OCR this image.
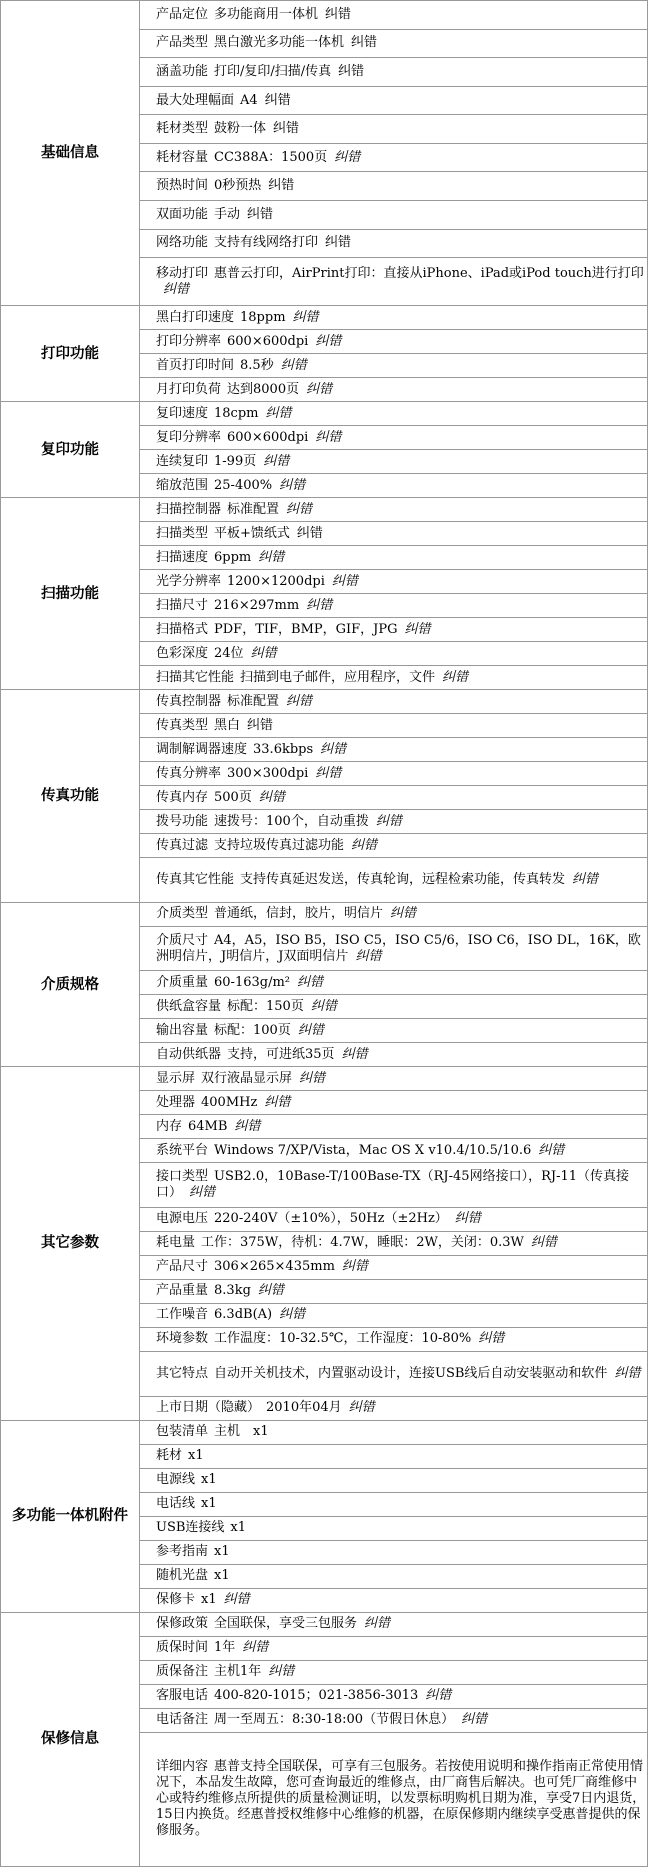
基础信息	产品定位 多功能商用一体机 纠错
	产品类型 黑白激光多功能一体机 纠错
	涵盖功能 打印/复印/扫描/传真 纠错
	最大处理幅面 A4 纠错
	耗材类型 鼓粉一体 纠错
	耗材容量 CC388A：1500页 纠错
	预热时间 0秒预热 纠错
	双面功能 手动 纠错
	网络功能 支持有线网络打印 纠错
	移动打印 惠普云打印，AirPrint打印：直接从iPhone、iPad或iPod touch进行打印纠错
打印功能	黑白打印速度 18ppm 纠错
	打印分辨率 600×600dpi 纠错
	首页打印时间 8.5秒 纠错
	月打印负荷 达到8000页 纠错
复印功能	复印速度 18cpm 纠错
	复印分辨率 600×600dpi 纠错
	连续复印 1-99页 纠错
	缩放范围 25-400% 纠错
扫描功能	扫描控制器 标准配置 纠错
	扫描类型 平板+馈纸式 纠错
	扫描速度 6ppm 纠错
	光学分辨率 1200×1200dpi 纠错
	扫描尺寸 216×297mm 纠错
	扫描格式 PDF，TIF，BMP，GIF，JPG 纠错
	色彩深度 24位 纠错
	扫描其它性能 扫描到电子邮件，应用程序，文件 纠错
传真功能	传真控制器 标准配置 纠错
	传真类型 黑白 纠错
	调制解调器速度 33.6kbps 纠错
	传真分辨率 300×300dpi 纠错
	传真内存 500页 纠错
	拨号功能 速拨号：100个，自动重拨 纠错
	传真过滤 支持垃圾传真过滤功能 纠错
	传真其它性能 支持传真延迟发送，传真轮询，远程检索功能，传真转发 纠错
介质规格	介质类型 普通纸，信封，胶片，明信片 纠错
	介质尺寸 A4，A5，ISO B5，ISO C5，ISO C5/6，ISO C6，ISO DL，16K，欧洲明信片，J明信片，J双面明信片 纠错
	介质重量 60-163g/m² 纠错
	供纸盒容量 标配：150页 纠错
	输出容量 标配：100页 纠错
	自动供纸器 支持，可进纸35页 纠错
其它参数	显示屏 双行液晶显示屏 纠错
	处理器 400MHz 纠错
	内存 64MB 纠错
	系统平台 Windows 7/XP/Vista，Mac OS X v10.4/10.5/10.6 纠错
	接口类型 USB2.0，10Base-T/100Base-TX（RJ-45网络接口），RJ-11（传真接口） 纠错
	电源电压 220-240V（±10%），50Hz（±2Hz） 纠错
	耗电量 工作：375W，待机：4.7W，睡眠：2W，关闭：0.3W 纠错
	产品尺寸 306×265×435mm 纠错
	产品重量 8.3kg 纠错
	工作噪音 6.3dB(A) 纠错
	环境参数 工作温度：10-32.5℃，工作湿度：10-80% 纠错
	其它特点 自动开关机技术，内置驱动设计，连接USB线后自动安装驱动和软件 纠错
	上市日期（隐藏） 2010年04月 纠错
多功能一体机附件	包装清单 主机　x1
	耗材 x1
	电源线 x1
	电话线 x1
	USB连接线 x1
	参考指南 x1
	随机光盘 x1
	保修卡 x1 纠错
保修信息	保修政策 全国联保，享受三包服务 纠错
	质保时间 1年 纠错
	质保备注 主机1年 纠错
	客服电话 400-820-1015；021-3856-3013 纠错
	电话备注 周一至周五：8:30-18:00（节假日休息） 纠错
	详细内容 惠普支持全国联保，可享有三包服务。若按使用说明和操作指南正常使用情况下，本品发生故障，您可查询最近的维修点，由厂商售后解决。也可凭厂商维修中心或特约维修点所提供的质量检测证明，以发票标明购机日期为准，享受7日内退货，15日内换货。经惠普授权维修中心维修的机器，在原保修期内继续享受惠普提供的保修服务。
